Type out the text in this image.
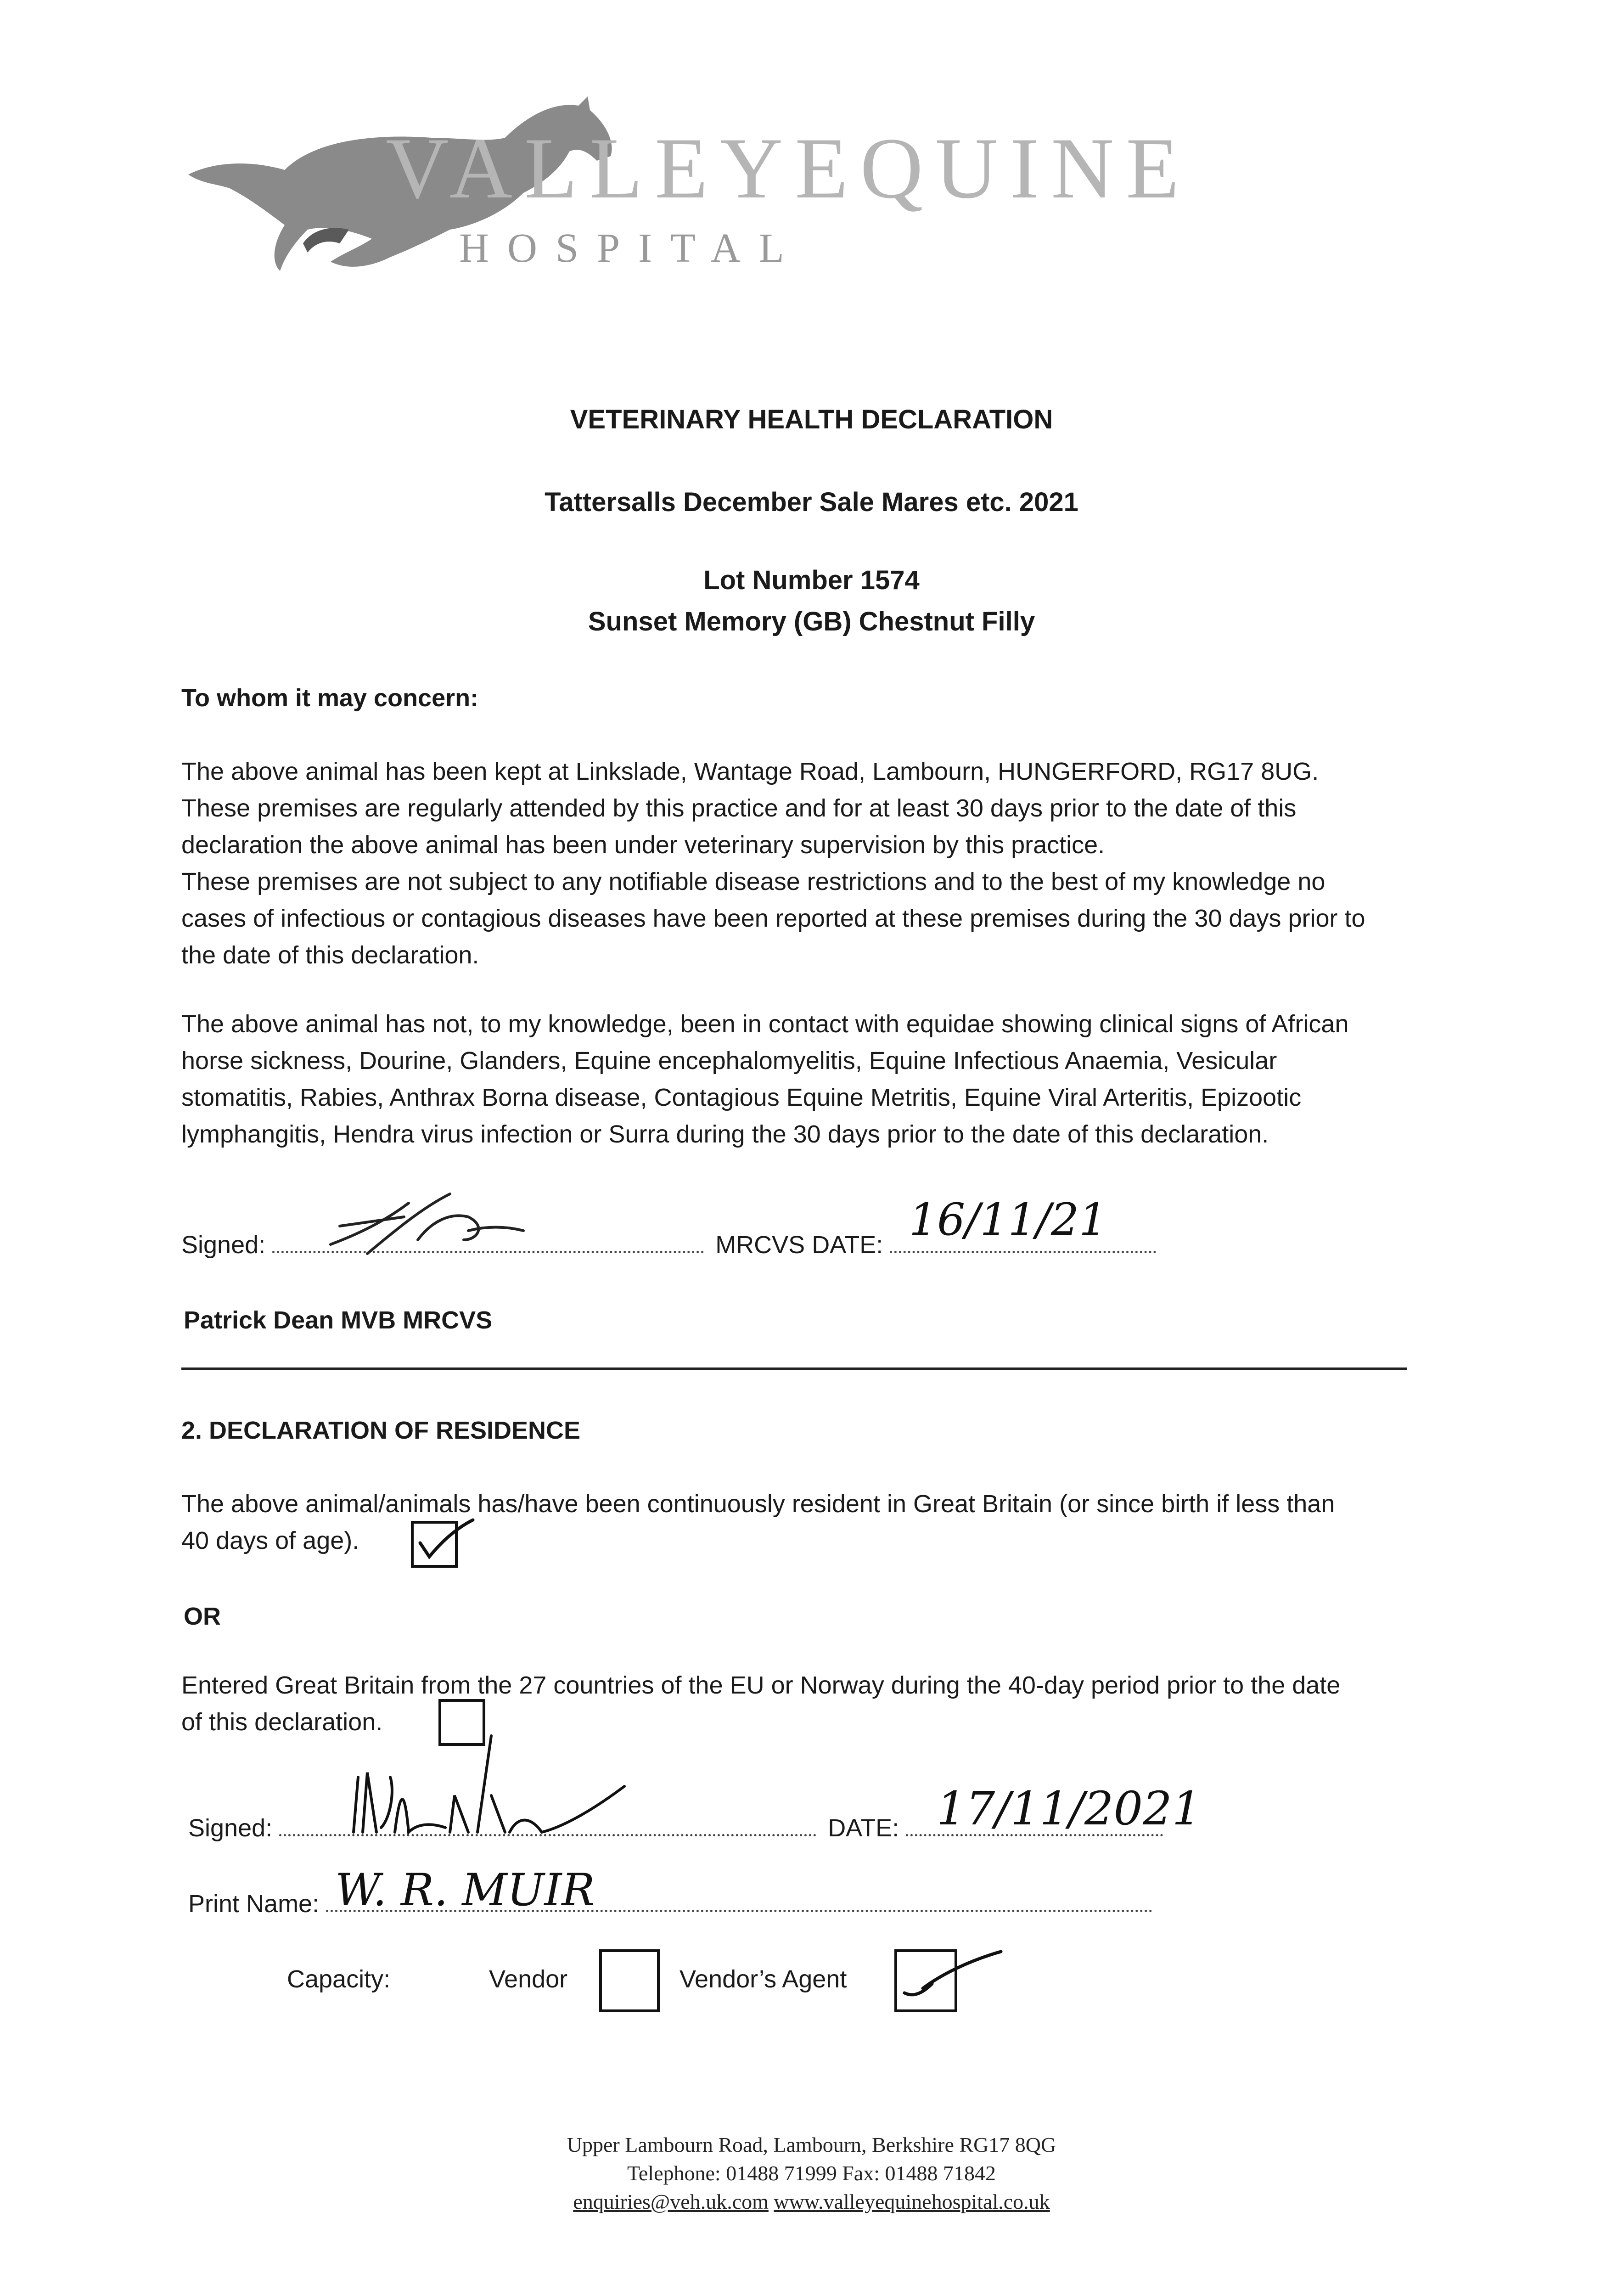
VALLEYEQUINE
HOSPITAL
VETERINARY HEALTH DECLARATION
Tattersalls December Sale Mares etc. 2021
Lot Number 1574
Sunset Memory (GB) Chestnut Filly
To whom it may concern:
The above animal has been kept at Linkslade, Wantage Road, Lambourn, HUNGERFORD, RG17 8UG.
These premises are regularly attended by this practice and for at least 30 days prior to the date of this
declaration the above animal has been under veterinary supervision by this practice.
These premises are not subject to any notifiable disease restrictions and to the best of my knowledge no
cases of infectious or contagious diseases have been reported at these premises during the 30 days prior to
the date of this declaration.
The above animal has not, to my knowledge, been in contact with equidae showing clinical signs of African
horse sickness, Dourine, Glanders, Equine encephalomyelitis, Equine Infectious Anaemia, Vesicular
stomatitis, Rabies, Anthrax Borna disease, Contagious Equine Metritis, Equine Viral Arteritis, Epizootic
lymphangitis, Hendra virus infection or Surra during the 30 days prior to the date of this declaration.
Signed:	MRCVS DATE: 16/11/21
Patrick Dean MVB MRCVS
2. DECLARATION OF RESIDENCE
The above animal/animals has/have been continuously resident in Great Britain (or since birth if less than
40 days of age).
OR
Entered Great Britain from the 27 countries of the EU or Norway during the 40-day period prior to the date
of this declaration.
Signed:	DATE: 17/11/2021
Print Name: W. R. MUIR
Capacity:	Vendor	Vendor’s Agent
Upper Lambourn Road, Lambourn, Berkshire RG17 8QG
Telephone: 01488 71999 Fax: 01488 71842
enquiries@veh.uk.com www.valleyequinehospital.co.uk
